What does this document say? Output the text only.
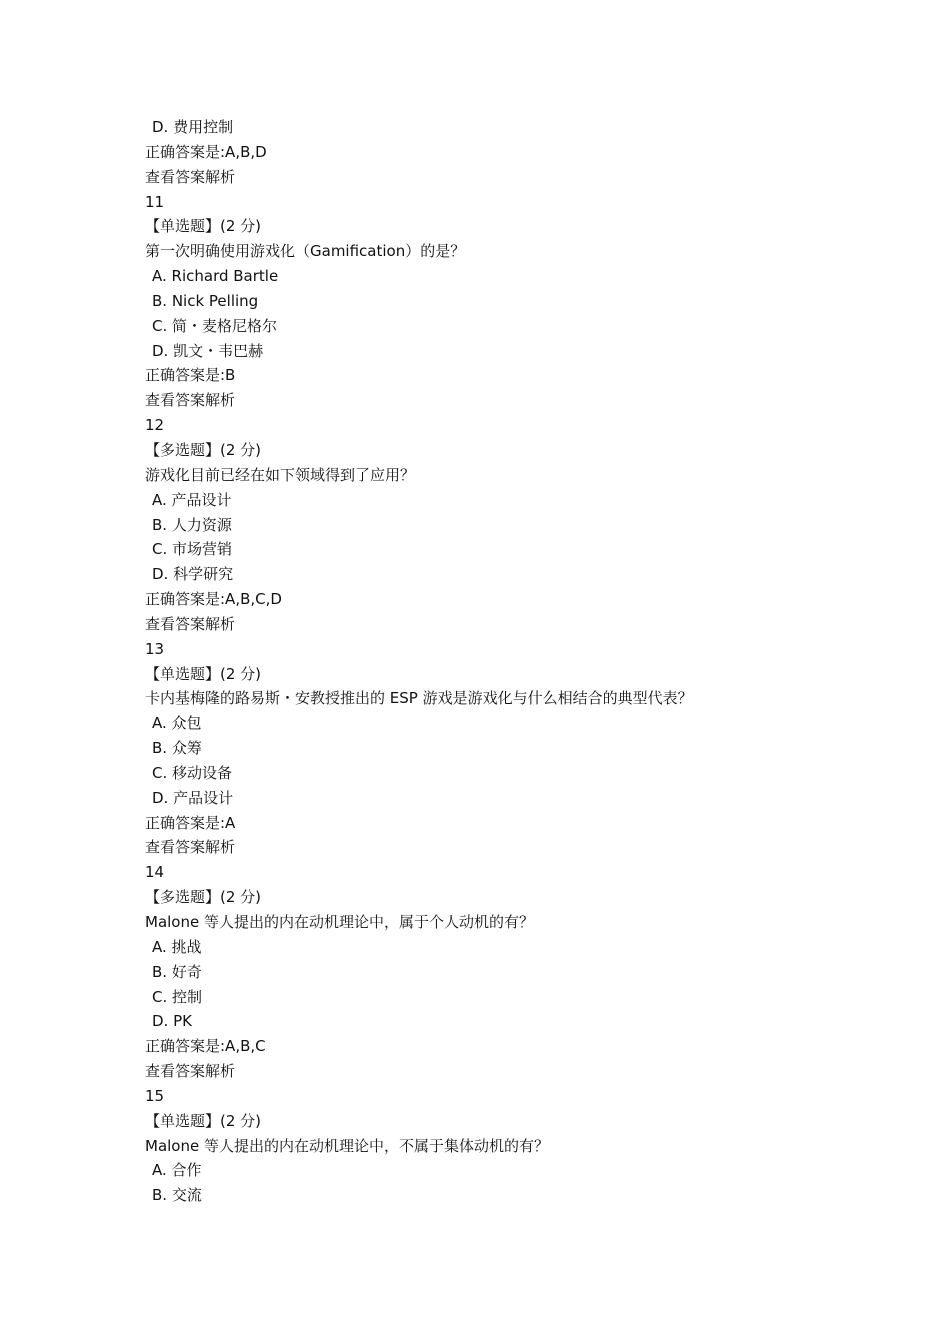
D. 费用控制
正确答案是:A,B,D
查看答案解析
11
【单选题】(2 分)
第一次明确使用游戏化（Gamification）的是？
A. Richard Bartle
B. Nick Pelling
C. 简・麦格尼格尔
D. 凯文・韦巴赫
正确答案是:B
查看答案解析
12
【多选题】(2 分)
游戏化目前已经在如下领域得到了应用？
A. 产品设计
B. 人力资源
C. 市场营销
D. 科学研究
正确答案是:A,B,C,D
查看答案解析
13
【单选题】(2 分)
卡内基梅隆的路易斯・安教授推出的 ESP 游戏是游戏化与什么相结合的典型代表？
A. 众包
B. 众筹
C. 移动设备
D. 产品设计
正确答案是:A
查看答案解析
14
【多选题】(2 分)
Malone 等人提出的内在动机理论中，属于个人动机的有？
A. 挑战
B. 好奇
C. 控制
D. PK
正确答案是:A,B,C
查看答案解析
15
【单选题】(2 分)
Malone 等人提出的内在动机理论中，不属于集体动机的有？
A. 合作
B. 交流
